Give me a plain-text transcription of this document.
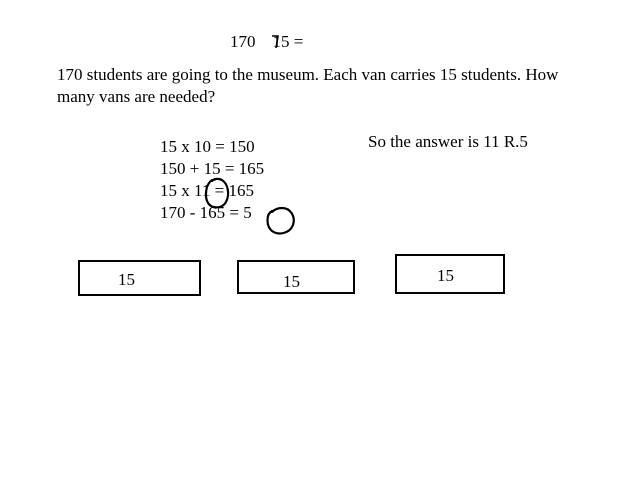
170    15 =
170 students are going to the museum. Each van carries 15 students. How
many vans are needed?
15 x 10 = 150
150 + 15 = 165
15 x 11 = 165
170 - 165 = 5
So the answer is 11 R.5
15	15	15
